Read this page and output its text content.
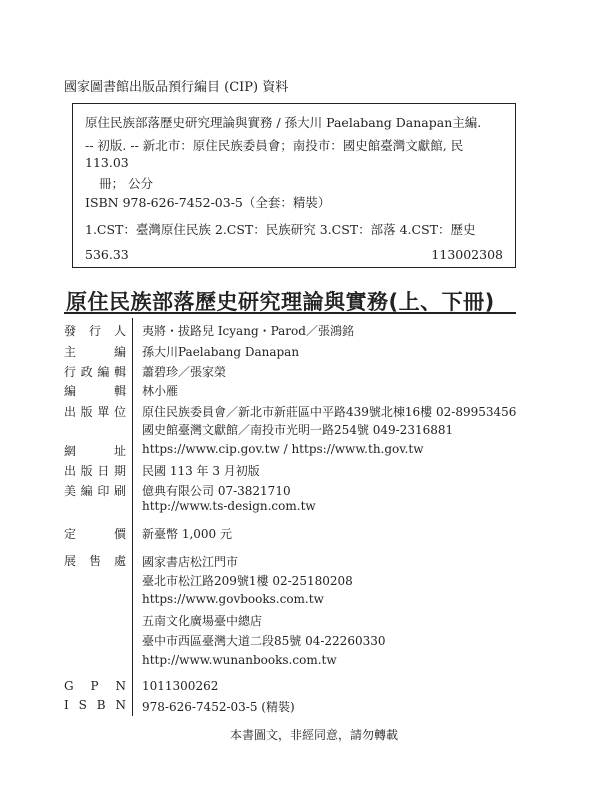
國家圖書館出版品預行編目 (CIP) 資料
原住民族部落歷史研究理論與實務 / 孫大川 Paelabang Danapan主編.
-- 初版. -- 新北市：原住民族委員會；南投市：國史館臺灣文獻館, 民
113.03
冊； 公分
ISBN 978-626-7452-03-5（全套：精裝）
1.CST：臺灣原住民族 2.CST：民族研究 3.CST：部落 4.CST：歷史
536.33	113002308
原住民族部落歷史研究理論與實務(上、下冊)
發 行 人 夷將・拔路兒 Icyang・Parod／張鴻銘
主	編 孫大川Paelabang Danapan
行 政 編 輯 蕭碧珍／張家榮
編	輯 林小雁
出 版 單 位 原住民族委員會／新北市新莊區中平路439號北棟16樓 02-89953456
國史館臺灣文獻館／南投市光明一路254號 049-2316881
網	址 https://www.cip.gov.tw / https://www.th.gov.tw
出 版 日 期 民國 113 年 3 月初版
美 編 印 刷 億典有限公司 07-3821710
http://www.ts-design.com.tw
定	價 新臺幣 1,000 元
展 售 處 國家書店松江門市
臺北市松江路209號1樓 02-25180208
https://www.govbooks.com.tw
五南文化廣場臺中總店
臺中市西區臺灣大道二段85號 04-22260330
http://www.wunanbooks.com.tw
G P N 1011300262
I S B N 978-626-7452-03-5 (精裝)
本書圖文，非經同意，請勿轉載
